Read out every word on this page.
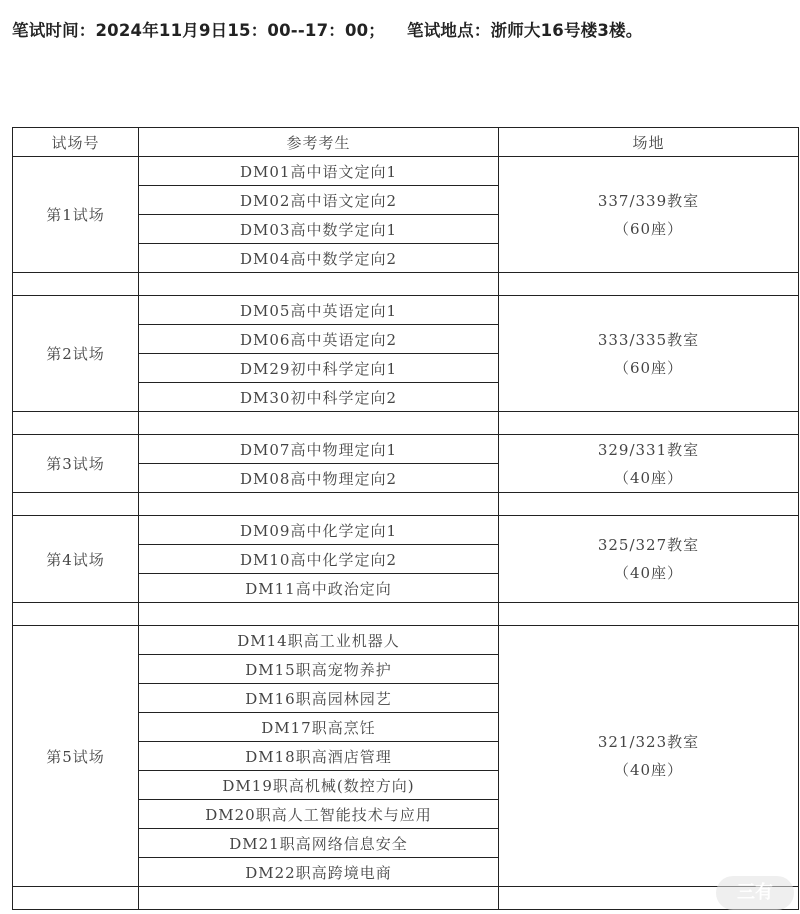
笔试时间：2024年11月9日15：00--17：00； 笔试地点：浙师大16号楼3楼。
试场号	参考考生	场地
第1试场	DM01高中语文定向1	337/339教室
（60座）

	DM02高中语文定向2	
	DM03高中数学定向1	
	DM04高中数学定向2	

第2试场	DM05高中英语定向1	333/335教室
（60座）

	DM06高中英语定向2	
	DM29初中科学定向1	
	DM30初中科学定向2	

第3试场	DM07高中物理定向1	329/331教室
（40座）

	DM08高中物理定向2	

第4试场	DM09高中化学定向1	325/327教室
（40座）

	DM10高中化学定向2	
	DM11高中政治定向	

第5试场	DM14职高工业机器人	321/323教室
（40座）

	DM15职高宠物养护	
	DM16职高园林园艺	
	DM17职高烹饪	
	DM18职高酒店管理	
	DM19职高机械(数控方向)	
	DM20职高人工智能技术与应用	
	DM21职高网络信息安全	
	DM22职高跨境电商	

三有
